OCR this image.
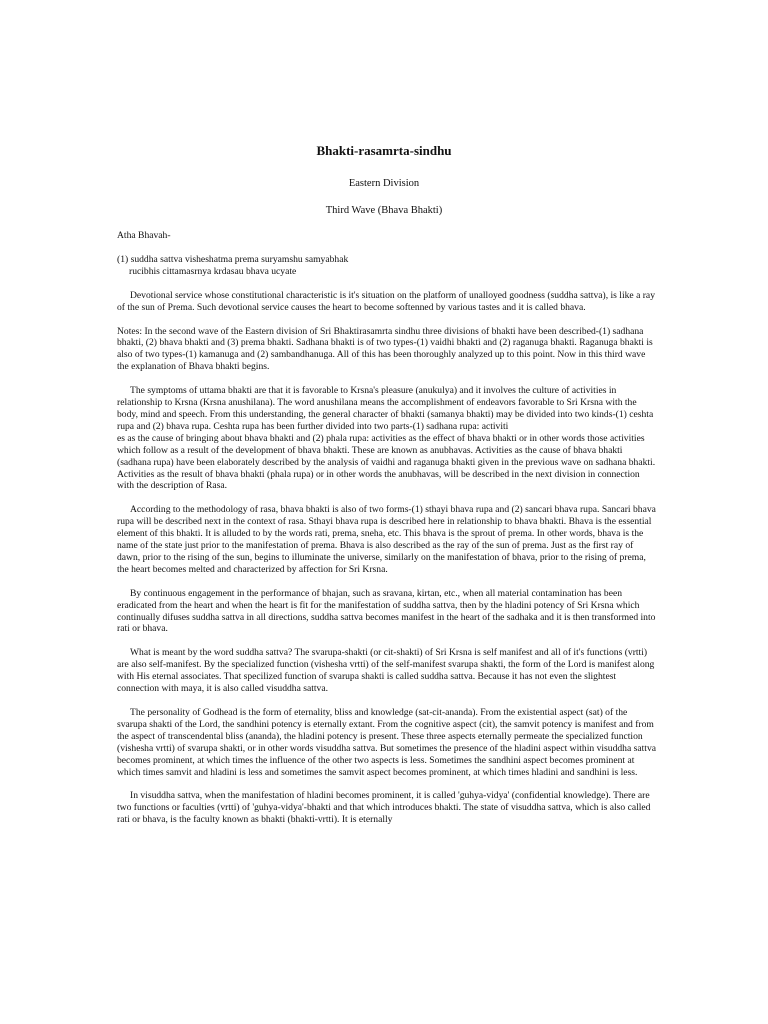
Bhakti-rasamrta-sindhu
Eastern Division
Third Wave (Bhava Bhakti)

Atha Bhavah-

(1) suddha sattva visheshatma prema suryamshu samyabhak
rucibhis cittamasrnya krdasau bhava ucyate

Devotional service whose constitutional characteristic is it's situation on the platform of unalloyed goodness (suddha sattva), is like a ray of the sun of Prema. Such devotional service causes the heart to become softenned by various tastes and it is called bhava.

Notes: In the second wave of the Eastern division of Sri Bhaktirasamrta sindhu three divisions of bhakti have been described-(1) sadhana bhakti, (2) bhava bhakti and (3) prema bhakti. Sadhana bhakti is of two types-(1) vaidhi bhakti and (2) raganuga bhakti. Raganuga bhakti is also of two types-(1) kamanuga and (2) sambandhanuga. All of this has been thoroughly analyzed up to this point. Now in this third wave the explanation of Bhava bhakti begins.

The symptoms of uttama bhakti are that it is favorable to Krsna's pleasure (anukulya) and it involves the culture of activities in relationship to Krsna (Krsna anushilana). The word anushilana means the accomplishment of endeavors favorable to Sri Krsna with the body, mind and speech. From this understanding, the general character of bhakti (samanya bhakti) may be divided into two kinds-(1) ceshta rupa and (2) bhava rupa. Ceshta rupa has been further divided into two parts-(1) sadhana rupa: activiti

es as the cause of bringing about bhava bhakti and (2) phala rupa: activities as the effect of bhava bhakti or in other words those activities which follow as a result of the development of bhava bhakti. These are known as anubhavas. Activities as the cause of bhava bhakti (sadhana rupa) have been elaborately described by the analysis of vaidhi and raganuga bhakti given in the previous wave on sadhana bhakti. Activities as the result of bhava bhakti (phala rupa) or in other words the anubhavas, will be described in the next division in connection with the description of Rasa.

According to the methodology of rasa, bhava bhakti is also of two forms-(1) sthayi bhava rupa and (2) sancari bhava rupa. Sancari bhava rupa will be described next in the context of rasa. Sthayi bhava rupa is described here in relationship to bhava bhakti. Bhava is the essential element of this bhakti. It is alluded to by the words rati, prema, sneha, etc. This bhava is the sprout of prema. In other words, bhava is the name of the state just prior to the manifestation of prema. Bhava is also described as the ray of the sun of prema. Just as the first ray of dawn, prior to the rising of the sun, begins to illuminate the universe, similarly on the manifestation of bhava, prior to the rising of prema, the heart becomes melted and characterized by affection for Sri Krsna.

By continuous engagement in the performance of bhajan, such as sravana, kirtan, etc., when all material contamination has been eradicated from the heart and when the heart is fit for the manifestation of suddha sattva, then by the hladini potency of Sri Krsna which continually difuses suddha sattva in all directions, suddha sattva becomes manifest in the heart of the sadhaka and it is then transformed into rati or bhava.

What is meant by the word suddha sattva? The svarupa-shakti (or cit-shakti) of Sri Krsna is self manifest and all of it's functions (vrtti) are also self-manifest. By the specialized function (vishesha vrtti) of the self-manifest svarupa shakti, the form of the Lord is manifest along with His eternal associates. That specilized function of svarupa shakti is called suddha sattva. Because it has not even the slightest connection with maya, it is also called visuddha sattva.

The personality of Godhead is the form of eternality, bliss and knowledge (sat-cit-ananda). From the existential aspect (sat) of the svarupa shakti of the Lord, the sandhini potency is eternally extant. From the cognitive aspect (cit), the samvit potency is manifest and from the aspect of transcendental bliss (ananda), the hladini potency is present. These three aspects eternally permeate the specialized function (vishesha vrtti) of svarupa shakti, or in other words visuddha sattva. But sometimes the presence of the hladini aspect within visuddha sattva becomes prominent, at which times the influence of the other two aspects is less. Sometimes the sandhini aspect becomes prominent at which times samvit and hladini is less and sometimes the samvit aspect becomes prominent, at which times hladini and sandhini is less.

In visuddha sattva, when the manifestation of hladini becomes prominent, it is called 'guhya-vidya' (confidential knowledge). There are two functions or faculties (vrtti) of 'guhya-vidya'-bhakti and that which introduces bhakti. The state of visuddha sattva, which is also called rati or bhava, is the faculty known as bhakti (bhakti-vrtti). It is eternally
